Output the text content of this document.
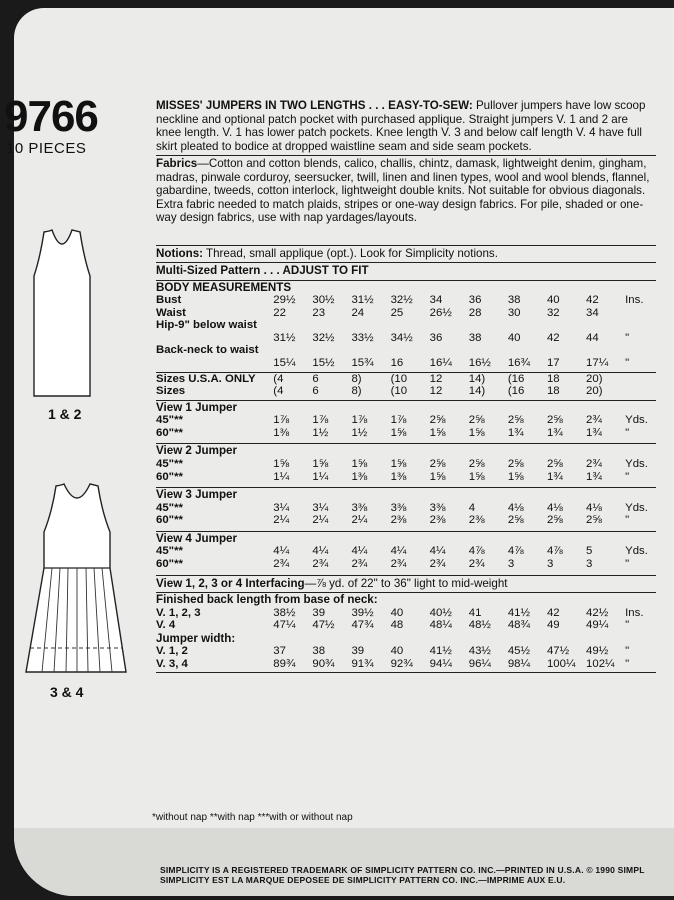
9766
10 PIECES
1 & 2
3 & 4
MISSES' JUMPERS IN TWO LENGTHS . . . EASY-TO-SEW: Pullover jumpers have low scoop neckline and optional patch pocket with purchased applique. Straight jumpers V. 1 and 2 are knee length. V. 1 has lower patch pockets. Knee length V. 3 and below calf length V. 4 have full skirt pleated to bodice at dropped waistline seam and side seam pockets.
Fabrics—Cotton and cotton blends, calico, challis, chintz, damask, lightweight denim, gingham, madras, pinwale corduroy, seersucker, twill, linen and linen types, wool and wool blends, flannel, gabardine, tweeds, cotton interlock, lightweight double knits. Not suitable for obvious diagonals. Extra fabric needed to match plaids, stripes or one-way design fabrics. For pile, shaded or one-way design fabrics, use with nap yardages/layouts.
Notions: Thread, small applique (opt.). Look for Simplicity notions.
Multi-Sized Pattern . . . ADJUST TO FIT
BODY MEASUREMENTS
Bust	29½	30½	31½	32½	34	36	38	40	42	Ins.
Waist	22	23	24	25	26½	28	30	32	34	
Hip-9" below waist										
	31½	32½	33½	34½	36	38	40	42	44	"
Back-neck to waist										
	15¼	15½	15¾	16	16¼	16½	16¾	17	17¼	"
Sizes U.S.A. ONLY	(4	6	8)	(10	12	14)	(16	18	20)	
Sizes	(4	6	8)	(10	12	14)	(16	18	20)	
View 1 Jumper
45"**	1⅞	1⅞	1⅞	1⅞	2⅝	2⅝	2⅝	2⅝	2¾	Yds.
60"**	1⅜	1½	1½	1⅝	1⅝	1⅝	1¾	1¾	1¾	"
View 2 Jumper
45"**	1⅝	1⅝	1⅝	1⅝	2⅝	2⅝	2⅝	2⅝	2¾	Yds.
60"**	1¼	1¼	1⅜	1⅜	1⅝	1⅝	1⅝	1¾	1¾	"
View 3 Jumper
45"**	3¼	3¼	3⅜	3⅜	3⅜	4	4⅛	4⅛	4⅛	Yds.
60"**	2¼	2¼	2¼	2⅜	2⅜	2⅜	2⅝	2⅝	2⅝	"
View 4 Jumper
45"**	4¼	4¼	4¼	4¼	4¼	4⅞	4⅞	4⅞	5	Yds.
60"**	2¾	2¾	2¾	2¾	2¾	2¾	3	3	3	"
View 1, 2, 3 or 4 Interfacing—⅞ yd. of 22" to 36" light to mid-weight
Finished back length from base of neck:
V. 1, 2, 3	38½	39	39½	40	40½	41	41½	42	42½	Ins.
V. 4	47¼	47½	47¾	48	48¼	48½	48¾	49	49¼	"
Jumper width:
V. 1, 2	37	38	39	40	41½	43½	45½	47½	49½	"
V. 3, 4	89¾	90¾	91¾	92¾	94¼	96¼	98¼	100¼	102¼	"
*without nap **with nap ***with or without nap
SIMPLICITY IS A REGISTERED TRADEMARK OF SIMPLICITY PATTERN CO. INC.—PRINTED IN U.S.A. © 1990 SIMPL
SIMPLICITY EST LA MARQUE DEPOSEE DE SIMPLICITY PATTERN CO. INC.—IMPRIME AUX E.U.
